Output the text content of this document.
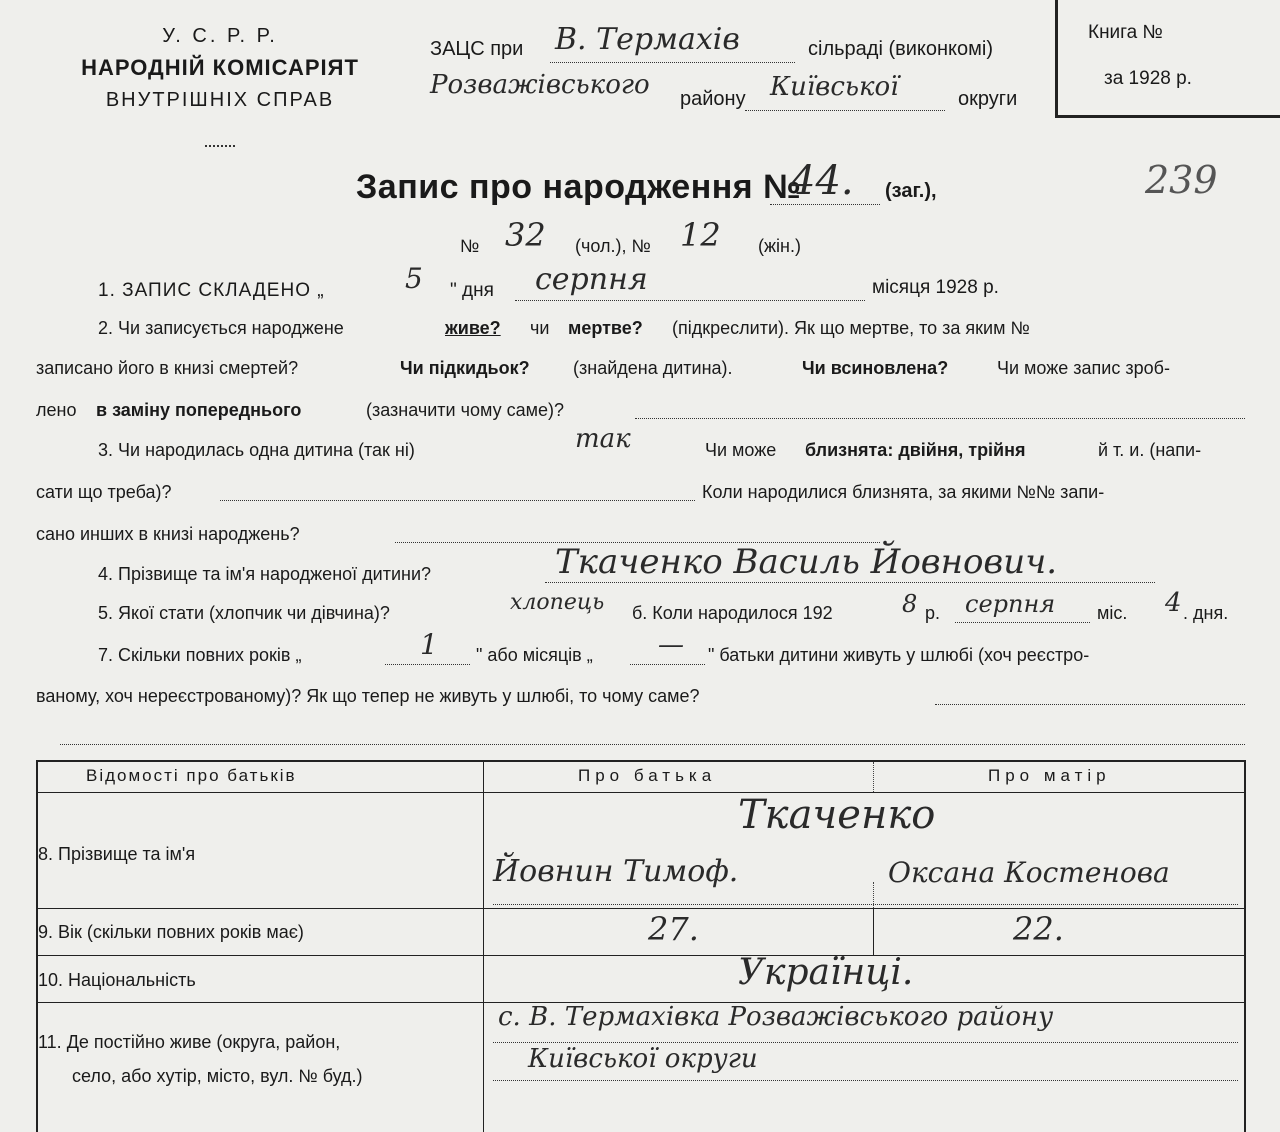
У. С. Р. Р.
НАРОДНІЙ КОМІСАРІЯТ
ВНУТРІШНІХ СПРАВ
ЗАЦС при В. Термахів	сільраді (виконкомі)
Розважівського району Київської	округи
Книга №
за 1928 р.
Запис про народження №
44. (заг.),	239
№ 32 (чол.), № 12 (жін.)
1. ЗАПИС СКЛАДЕНО „	5 " дня серпня	місяця 1928 р.
2. Чи записується народжене	живе? чи мертве? (підкреслити). Як що мертве, то за яким №
записано його в книзі смертей?	Чи підкидьок? (знайдена дитина).	Чи всиновлена?	Чи може запис зроб-
лено в заміну попереднього	(зазначити чому саме)?
3. Чи народилась одна дитина (так ні)	так	Чи може близнята: двійня, трійня	й т. и. (напи-
сати що треба)?	Коли народилися близнята, за якими №№ запи-
сано инших в книзі народжень?
4. Прізвище та ім'я народженої дитини?	Ткаченко Василь Йовнович.
5. Якої стати (хлопчик чи дівчина)?	хлопець б. Коли народилося 192	8 р. серпня міс. 4 . дня.
7. Скільки повних років „	1 " або місяців „	— " батьки дитини живуть у шлюбі (хоч реєстро-
ваному, хоч нереєстрованому)? Як що тепер не живуть у шлюбі, то чому саме?
Відомості про батьків	Про батька	Про матір
8. Прізвище та ім'я
Ткаченко
Йовнин Тимоф.	Оксана Костенова
9. Вік (скільки повних років має)	27.	22.
10. Національність	Українці.
11. Де постійно живе (округа, район,
село, або хутір, місто, вул. № буд.)
с. В. Термахівка Розважівського району
Київської округи
